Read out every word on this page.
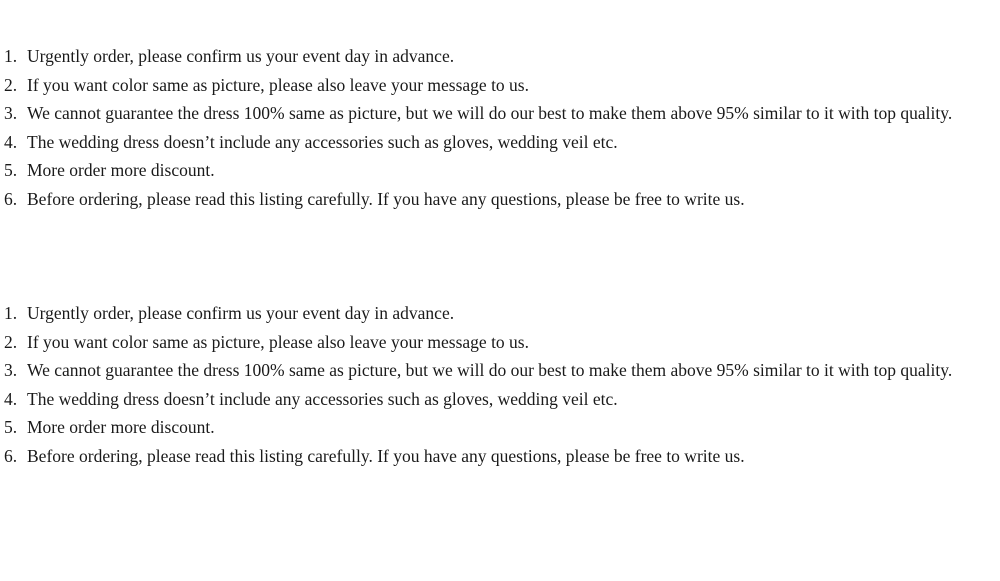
1. Urgently order, please confirm us your event day in advance.
2. If you want color same as picture, please also leave your message to us.
3. We cannot guarantee the dress 100% same as picture, but we will do our best to make them above 95% similar to it with top quality.
4. The wedding dress doesn’t include any accessories such as gloves, wedding veil etc.
5. More order more discount.
6. Before ordering, please read this listing carefully. If you have any questions, please be free to write us.
1. Urgently order, please confirm us your event day in advance.
2. If you want color same as picture, please also leave your message to us.
3. We cannot guarantee the dress 100% same as picture, but we will do our best to make them above 95% similar to it with top quality.
4. The wedding dress doesn’t include any accessories such as gloves, wedding veil etc.
5. More order more discount.
6. Before ordering, please read this listing carefully. If you have any questions, please be free to write us.
